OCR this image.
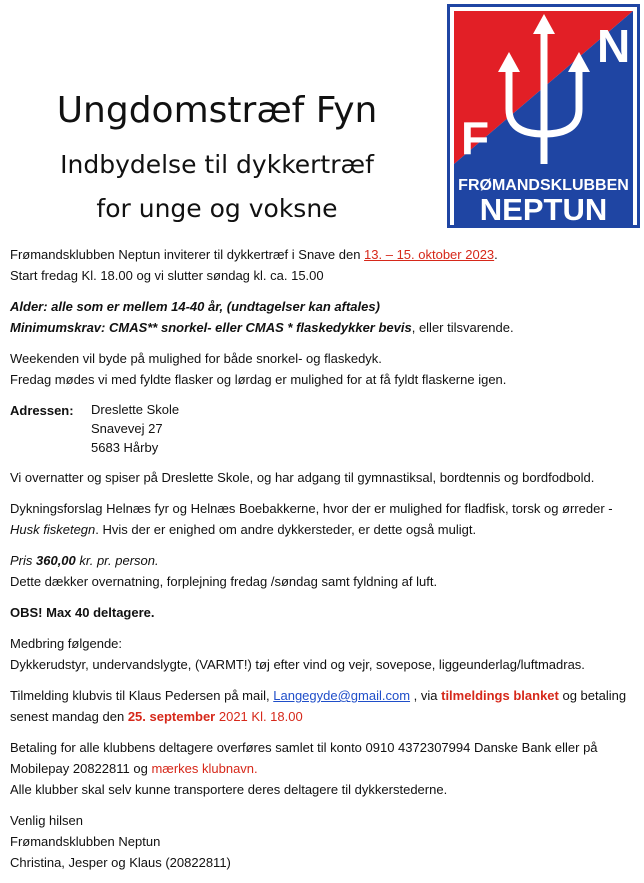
Ungdomstræf Fyn
Indbydelse til dykkertræf
for unge og voksne
N
F
FRØMANDSKLUBBEN
NEPTUN

Frømandsklubben Neptun inviterer til dykkertræf i Snave den 13. – 15. oktober 2023.
Start fredag Kl. 18.00 og vi slutter søndag kl. ca. 15.00

Alder: alle som er mellem 14-40 år, (undtagelser kan aftales)
Minimumskrav: CMAS** snorkel- eller CMAS * flaskedykker bevis, eller tilsvarende.

Weekenden vil byde på mulighed for både snorkel- og flaskedyk.
Fredag mødes vi med fyldte flasker og lørdag er mulighed for at få fyldt flaskerne igen.

Adressen:	Dreslette Skole
Snavevej 27
5683 Hårby

Vi overnatter og spiser på Dreslette Skole, og har adgang til gymnastiksal, bordtennis og bordfodbold.

Dykningsforslag Helnæs fyr og Helnæs Boebakkerne, hvor der er mulighed for fladfisk, torsk og ørreder -
Husk fisketegn. Hvis der er enighed om andre dykkersteder, er dette også muligt.

Pris 360,00 kr. pr. person.
Dette dækker overnatning, forplejning fredag /søndag samt fyldning af luft.

OBS! Max 40 deltagere.

Medbring følgende:
Dykkerudstyr, undervandslygte, (VARMT!) tøj efter vind og vejr, sovepose, liggeunderlag/luftmadras.

Tilmelding klubvis til Klaus Pedersen på mail, Langegyde@gmail.com , via tilmeldings blanket og betaling
senest mandag den 25. september 2021 Kl. 18.00

Betaling for alle klubbens deltagere overføres samlet til konto 0910 4372307994 Danske Bank eller på
Mobilepay 20822811 og mærkes klubnavn.
Alle klubber skal selv kunne transportere deres deltagere til dykkerstederne.

Venlig hilsen
Frømandsklubben Neptun
Christina, Jesper og Klaus (20822811)
